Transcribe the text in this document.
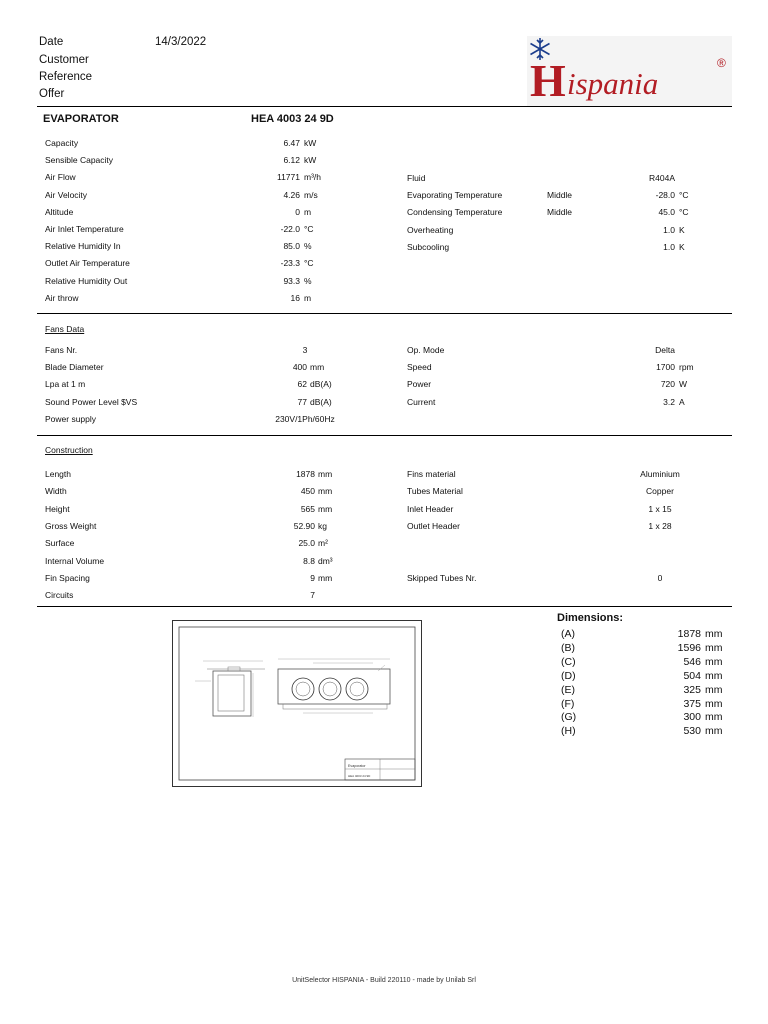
Date	14/3/2022
Customer
Reference
Offer	H ispania
®
EVAPORATOR	HEA 4003 24 9D
Capacity	6.47 kW
Sensible Capacity	6.12 kW
Air Flow	11771 m³/h
Air Velocity	4.26 m/s
Altitude	0 m
Air Inlet Temperature	-22.0 °C
Relative Humidity In	85.0 %
Outlet Air Temperature	-23.3 °C
Relative Humidity Out	93.3 %
Air throw	16 m
Fluid	R404A
Evaporating Temperature	Middle	-28.0 °C
Condensing Temperature	Middle	45.0 °C
Overheating	1.0 K
Subcooling	1.0 K
Fans Data
Fans Nr.	3
Blade Diameter	400 mm
Lpa at 1 m	62 dB(A)
Sound Power Level $VS	77 dB(A)
Power supply	230V/1Ph/60Hz
Op. Mode	Delta
Speed	1700 rpm
Power	720 W
Current	3.2 A
Construction
Length	1878 mm
Width	450 mm
Height	565 mm
Gross Weight	52.90 kg
Surface	25.0 m²
Internal Volume	8.8 dm³
Fin Spacing	9 mm
Circuits	7
Fins material	Aluminium
Tubes Material	Copper
Inlet Header	1 x 15
Outlet Header	1 x 28
Skipped Tubes Nr.	0
Evaporator
HEA 4003 24 9D
Dimensions:
(A)	1878 mm
(B)	1596 mm
(C)	546 mm
(D)	504 mm
(E)	325 mm
(F)	375 mm
(G)	300 mm
(H)	530 mm
UnitSelector HISPANIA - Build 220110 - made by Unilab Srl
